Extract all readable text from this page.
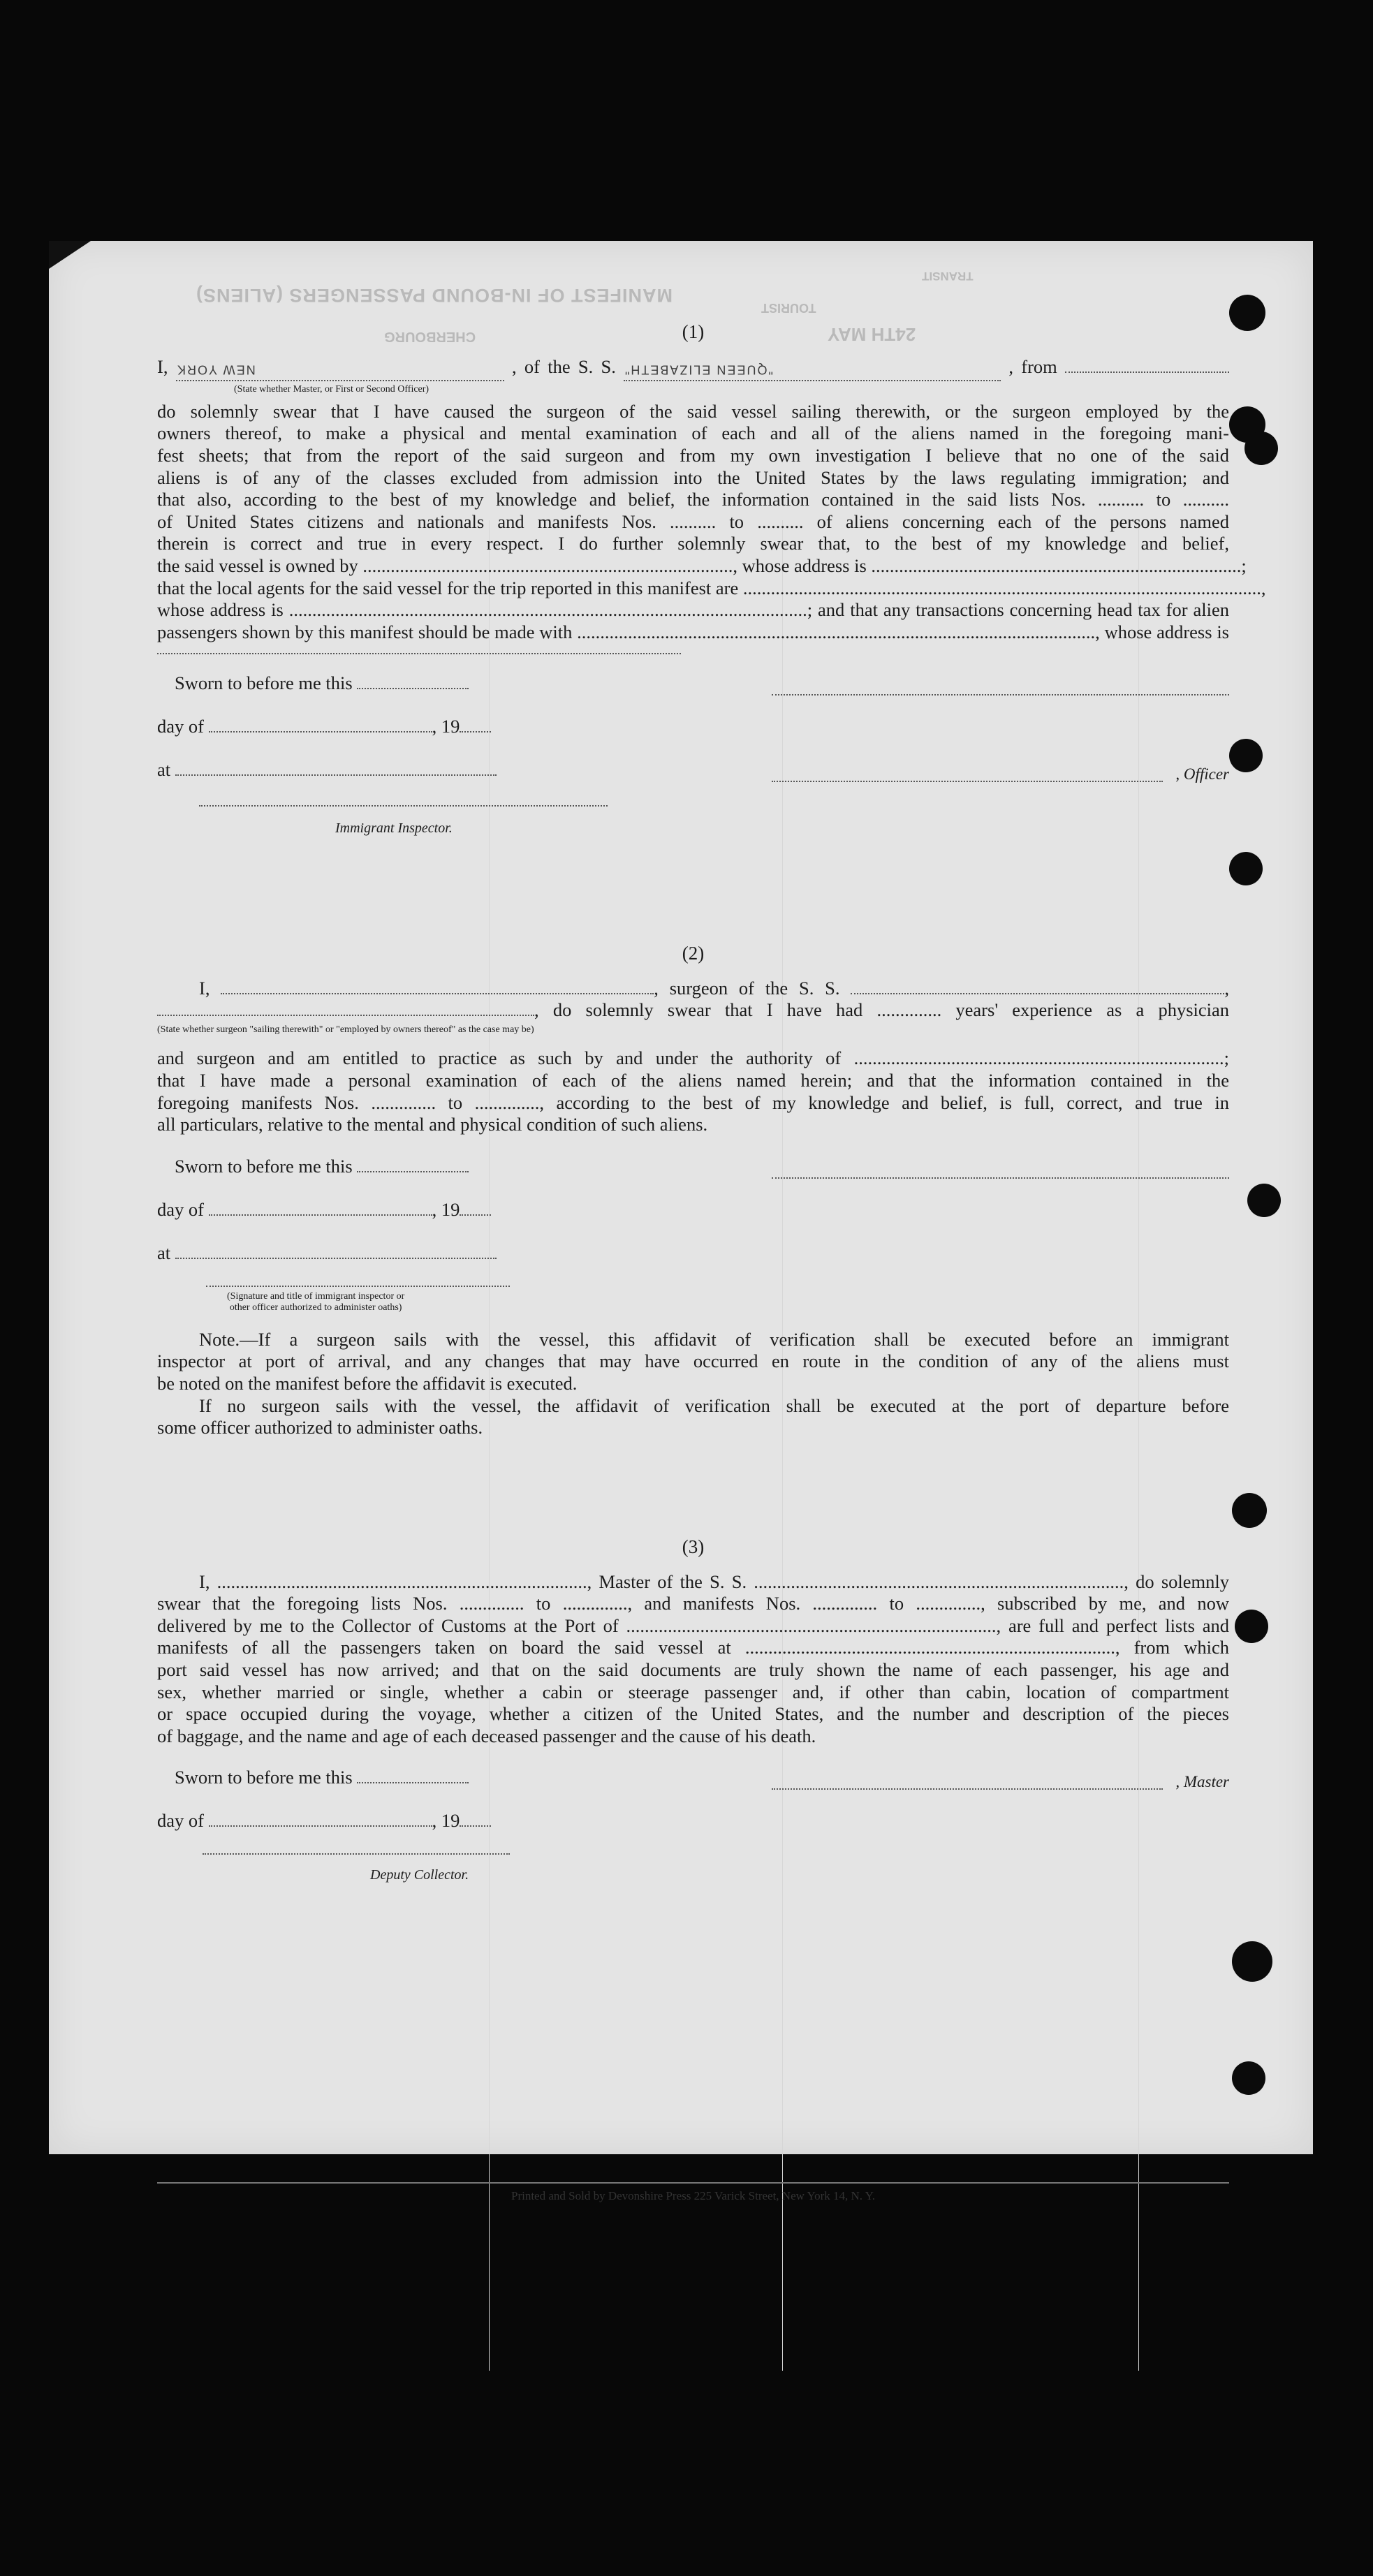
MANIFEST OF IN-BOUND PASSENGERS (ALIENS)
TOURIST
TRANSIT
CHERBOURG	24TH MAY
(1)
I, NEW YORK	, of the S. S. "QUEEN ELIZABETH"	, from
(State whether Master, or First or Second Officer)
do solemnly swear that I have caused the surgeon of the said vessel sailing therewith, or the surgeon employed by the
owners thereof, to make a physical and mental examination of each and all of the aliens named in the foregoing mani-
fest sheets; that from the report of the said surgeon and from my own investigation I believe that no one of the said
aliens is of any of the classes excluded from admission into the United States by the laws regulating immigration; and
that also, according to the best of my knowledge and belief, the information contained in the said lists Nos. .......... to ..........
of United States citizens and nationals and manifests Nos. .......... to .......... of aliens concerning each of the persons named
therein is correct and true in every respect. I do further solemnly swear that, to the best of my knowledge and belief,
the said vessel is owned by ................................................................................, whose address is ................................................................................;
that the local agents for the said vessel for the trip reported in this manifest are ................................................................................................................,
whose address is ................................................................................................................; and that any transactions concerning head tax for alien
passengers shown by this manifest should be made with ................................................................................................................, whose address is
Sworn to before me this
day of	, 19
at	, Officer
Immigrant Inspector.
(2)
I,	, surgeon of the S. S.	,
, do solemnly swear that I have had .............. years' experience as a physician
(State whether surgeon "sailing therewith" or "employed by owners thereof" as the case may be)
and surgeon and am entitled to practice as such by and under the authority of ................................................................................;
that I have made a personal examination of each of the aliens named herein; and that the information contained in the
foregoing manifests Nos. .............. to .............., according to the best of my knowledge and belief, is full, correct, and true in
all particulars, relative to the mental and physical condition of such aliens.
Sworn to before me this
day of	, 19
at
(Signature and title of immigrant inspector or
other officer authorized to administer oaths)
Note.—If a surgeon sails with the vessel, this affidavit of verification shall be executed before an immigrant
inspector at port of arrival, and any changes that may have occurred en route in the condition of any of the aliens must
be noted on the manifest before the affidavit is executed.
If no surgeon sails with the vessel, the affidavit of verification shall be executed at the port of departure before
some officer authorized to administer oaths.
(3)
I, ................................................................................, Master of the S. S. ................................................................................, do solemnly
swear that the foregoing lists Nos. .............. to .............., and manifests Nos. .............. to .............., subscribed by me, and now
delivered by me to the Collector of Customs at the Port of ................................................................................, are full and perfect lists and
manifests of all the passengers taken on board the said vessel at ................................................................................, from which
port said vessel has now arrived; and that on the said documents are truly shown the name of each passenger, his age and
sex, whether married or single, whether a cabin or steerage passenger and, if other than cabin, location of compartment
or space occupied during the voyage, whether a citizen of the United States, and the number and description of the pieces
of baggage, and the name and age of each deceased passenger and the cause of his death.
Sworn to before me this	, Master
day of	, 19
Deputy Collector.
Printed and Sold by Devonshire Press 225 Varick Street, New York 14, N. Y.
